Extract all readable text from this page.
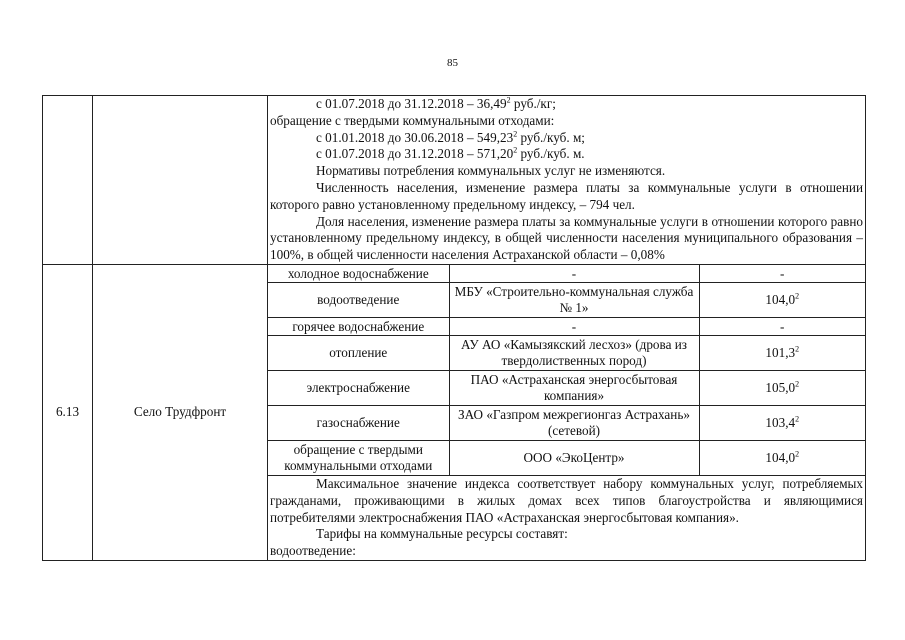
85

с 01.07.2018 до 31.12.2018 – 36,49$^2$ руб./кг;

обращение с твердыми коммунальными отходами:

с 01.01.2018 до 30.06.2018 – 549,23$^2$ руб./куб. м;

с 01.07.2018 до 31.12.2018 – 571,20$^2$ руб./куб. м.

Нормативы потребления коммунальных услуг не изменяются.

Численность населения, изменение размера платы за коммунальные услуги в отношении которого равно установленному предельному индексу, – 794 чел.

Доля населения, изменение размера платы за коммунальные услуги в отношении которого равно установленному предельному индексу, в общей численности населения муниципального образования – 100%, в общей численности населения Астраханской области – 0,08%

6.13	Село Трудфронт	
холодное водоснабжение	-	-
водоотведение	МБУ «Строительно-коммунальная служба № 1»	104,0$^2$
горячее водоснабжение	-	-
отопление	АУ АО «Камызякский лесхоз» (дрова из твердолиственных пород)	101,3$^2$
электроснабжение	ПАО «Астраханская энергосбытовая компания»	105,0$^2$
газоснабжение	ЗАО «Газпром межрегионгаз Астрахань» (сетевой)	103,4$^2$
обращение с твердыми коммунальными отходами	ООО «ЭкоЦентр»	104,0$^2$

Максимальное значение индекса соответствует набору коммунальных услуг, потребляемых гражданами, проживающими в жилых домах всех типов благоустройства и являющимися потребителями электроснабжения ПАО «Астраханская энергосбытовая компания».

Тарифы на коммунальные ресурсы составят:

водоотведение:
